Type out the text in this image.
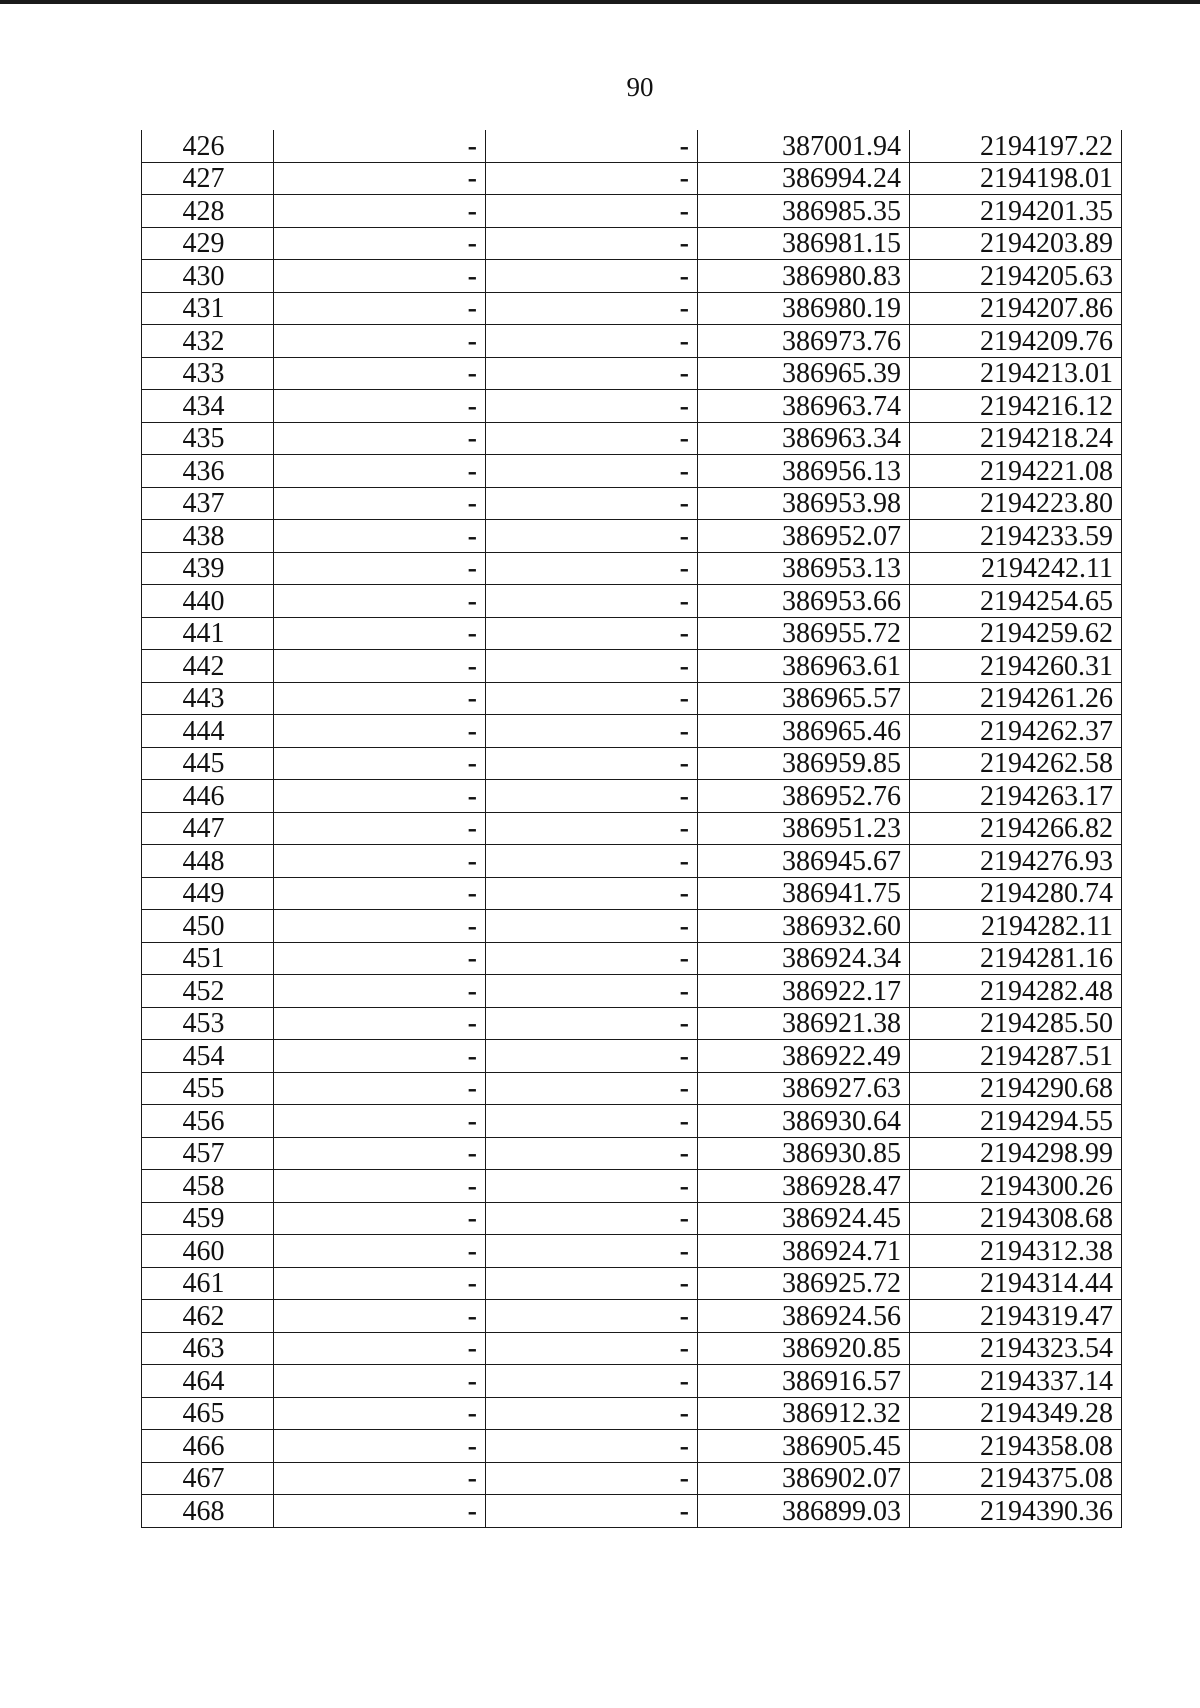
90
426	-	-	387001.94	2194197.22
427	-	-	386994.24	2194198.01
428	-	-	386985.35	2194201.35
429	-	-	386981.15	2194203.89
430	-	-	386980.83	2194205.63
431	-	-	386980.19	2194207.86
432	-	-	386973.76	2194209.76
433	-	-	386965.39	2194213.01
434	-	-	386963.74	2194216.12
435	-	-	386963.34	2194218.24
436	-	-	386956.13	2194221.08
437	-	-	386953.98	2194223.80
438	-	-	386952.07	2194233.59
439	-	-	386953.13	2194242.11
440	-	-	386953.66	2194254.65
441	-	-	386955.72	2194259.62
442	-	-	386963.61	2194260.31
443	-	-	386965.57	2194261.26
444	-	-	386965.46	2194262.37
445	-	-	386959.85	2194262.58
446	-	-	386952.76	2194263.17
447	-	-	386951.23	2194266.82
448	-	-	386945.67	2194276.93
449	-	-	386941.75	2194280.74
450	-	-	386932.60	2194282.11
451	-	-	386924.34	2194281.16
452	-	-	386922.17	2194282.48
453	-	-	386921.38	2194285.50
454	-	-	386922.49	2194287.51
455	-	-	386927.63	2194290.68
456	-	-	386930.64	2194294.55
457	-	-	386930.85	2194298.99
458	-	-	386928.47	2194300.26
459	-	-	386924.45	2194308.68
460	-	-	386924.71	2194312.38
461	-	-	386925.72	2194314.44
462	-	-	386924.56	2194319.47
463	-	-	386920.85	2194323.54
464	-	-	386916.57	2194337.14
465	-	-	386912.32	2194349.28
466	-	-	386905.45	2194358.08
467	-	-	386902.07	2194375.08
468	-	-	386899.03	2194390.36
